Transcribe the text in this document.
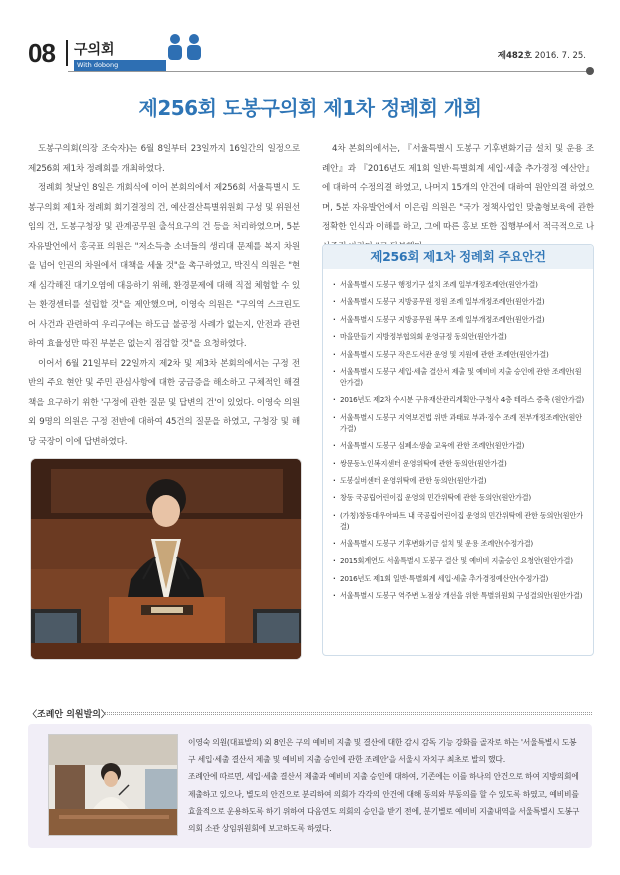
08 구의회
With dobong
제482호 2016. 7. 25.
제256회 도봉구의회 제1차 정례회 개회

도봉구의회(의장 조숙자)는 6월 8일부터 23일까지 16일간의 일정으로 제256회 제1차 정례회를 개최하였다.

정례회 첫날인 8일은 개회식에 이어 본회의에서 제256회 서울특별시 도봉구의회 제1차 정례회 회기결정의 건, 예산결산특별위원회 구성 및 위원선임의 건, 도봉구청장 및 관계공무원 출석요구의 건 등을 처리하였으며, 5분 자유발언에서 홍국표 의원은 "저소득층 소녀들의 생리대 문제를 복지 차원을 넘어 인권의 차원에서 대책을 세울 것"을 촉구하였고, 박진식 의원은 "현재 심각해진 대기오염에 대응하기 위해, 환경문제에 대해 직접 체험할 수 있는 환경센터를 설립할 것"을 제안했으며, 이영숙 의원은 "구의역 스크린도어 사건과 관련하여 우리구에는 하도급 불공정 사례가 없는지, 안전과 관련하여 효율성만 따진 부분은 없는지 점검할 것"을 요청하였다.

이어서 6월 21일부터 22일까지 제2차 및 제3차 본회의에서는 구정 전반의 주요 현안 및 주민 관심사항에 대한 궁금증을 해소하고 구체적인 해결책을 요구하기 위한 '구정에 관한 질문 및 답변의 건'이 있었다. 이영숙 의원 외 9명의 의원은 구정 전반에 대하여 45건의 질문을 하였고, 구청장 및 해당 국장이 이에 답변하였다.

4차 본회의에서는, 『서울특별시 도봉구 기후변화기금 설치 및 운용 조례안』과 『2016년도 제1회 일반·특별회계 세입·세출 추가경정 예산안』에 대하여 수정의결 하였고, 나머지 15개의 안건에 대하여 원안의결 하였으며, 5분 자유발언에서 이은림 의원은 "국가 정책사업인 맞춤형보육에 관한 정확한 인식과 이해를 하고, 그에 따른 홍보 또한 집행부에서 적극적으로 나

제256회 제1차 정례회 주요안건
· 서울특별시 도봉구 행정기구 설치 조례 일부개정조례안(원안가결)
· 서울특별시 도봉구 지방공무원 정원 조례 일부개정조례안(원안가결)
· 서울특별시 도봉구 지방공무원 복무 조례 일부개정조례안(원안가결)
· 마을만들기 지방정부협의회 운영규정 동의안(원안가결)
· 서울특별시 도봉구 작은도서관 운영 및 지원에 관한 조례안(원안가결)
· 서울특별시 도봉구 세입·세출 결산서 제출 및 예비비 지출 승인에 관한 조례안(원안가결)
· 2016년도 제2차 수시분 구유재산관리계획안-구청사 4층 테라스 증축 (원안가결)
· 서울특별시 도봉구 지역보건법 위반 과태료 부과·징수 조례 전부개정조례안(원안가결)
· 서울특별시 도봉구 심폐소생술 교육에 관한 조례안(원안가결)
· 쌍문동노인복지센터 운영위탁에 관한 동의안(원안가결)
· 도봉실버센터 운영위탁에 관한 동의안(원안가결)
· 창동 국공립어린이집 운영의 민간위탁에 관한 동의안(원안가결)
· (가칭)창동대우아파트 내 국공립어린이집 운영의 민간위탁에 관한 동의안(원안가결)
· 서울특별시 도봉구 기후변화기금 설치 및 운용 조례안(수정가결)
· 2015회계연도 서울특별시 도봉구 결산 및 예비비 지출승인 요청안(원안가결)
· 2016년도 제1회 일반·특별회계 세입·세출 추가경정예산안(수정가결)
· 서울특별시 도봉구 역주변 노점상 개선을 위한 특별위원회 구성결의안(원안가결)
〈조례안 의원발의〉

이영숙 의원(대표발의) 외 8인은 구의 예비비 지출 및 결산에 대한 감시 감독 기능 강화를 골자로 하는 '서울특별시 도봉구 세입·세출 결산서 제출 및 예비비 지출 승인에 관한 조례안'을 서울시 자치구 최초로 발의 했다.

조례안에 따르면, 세입·세출 결산서 제출과 예비비 지출 승인에 대하여, 기존에는 이를 하나의 안건으로 하여 지방의회에 제출하고 있으나, 별도의 안건으로 분리하여 의회가 각각의 안건에 대해 동의와 부동의를 할 수 있도록 하였고, 예비비를 효율적으로 운용하도록 하기 위하여 다음연도 의회의 승인을 받기 전에, 분기별로 예비비 지출내역을 서울특별시 도봉구의회 소관 상임위원회에 보고하도록 하였다.
